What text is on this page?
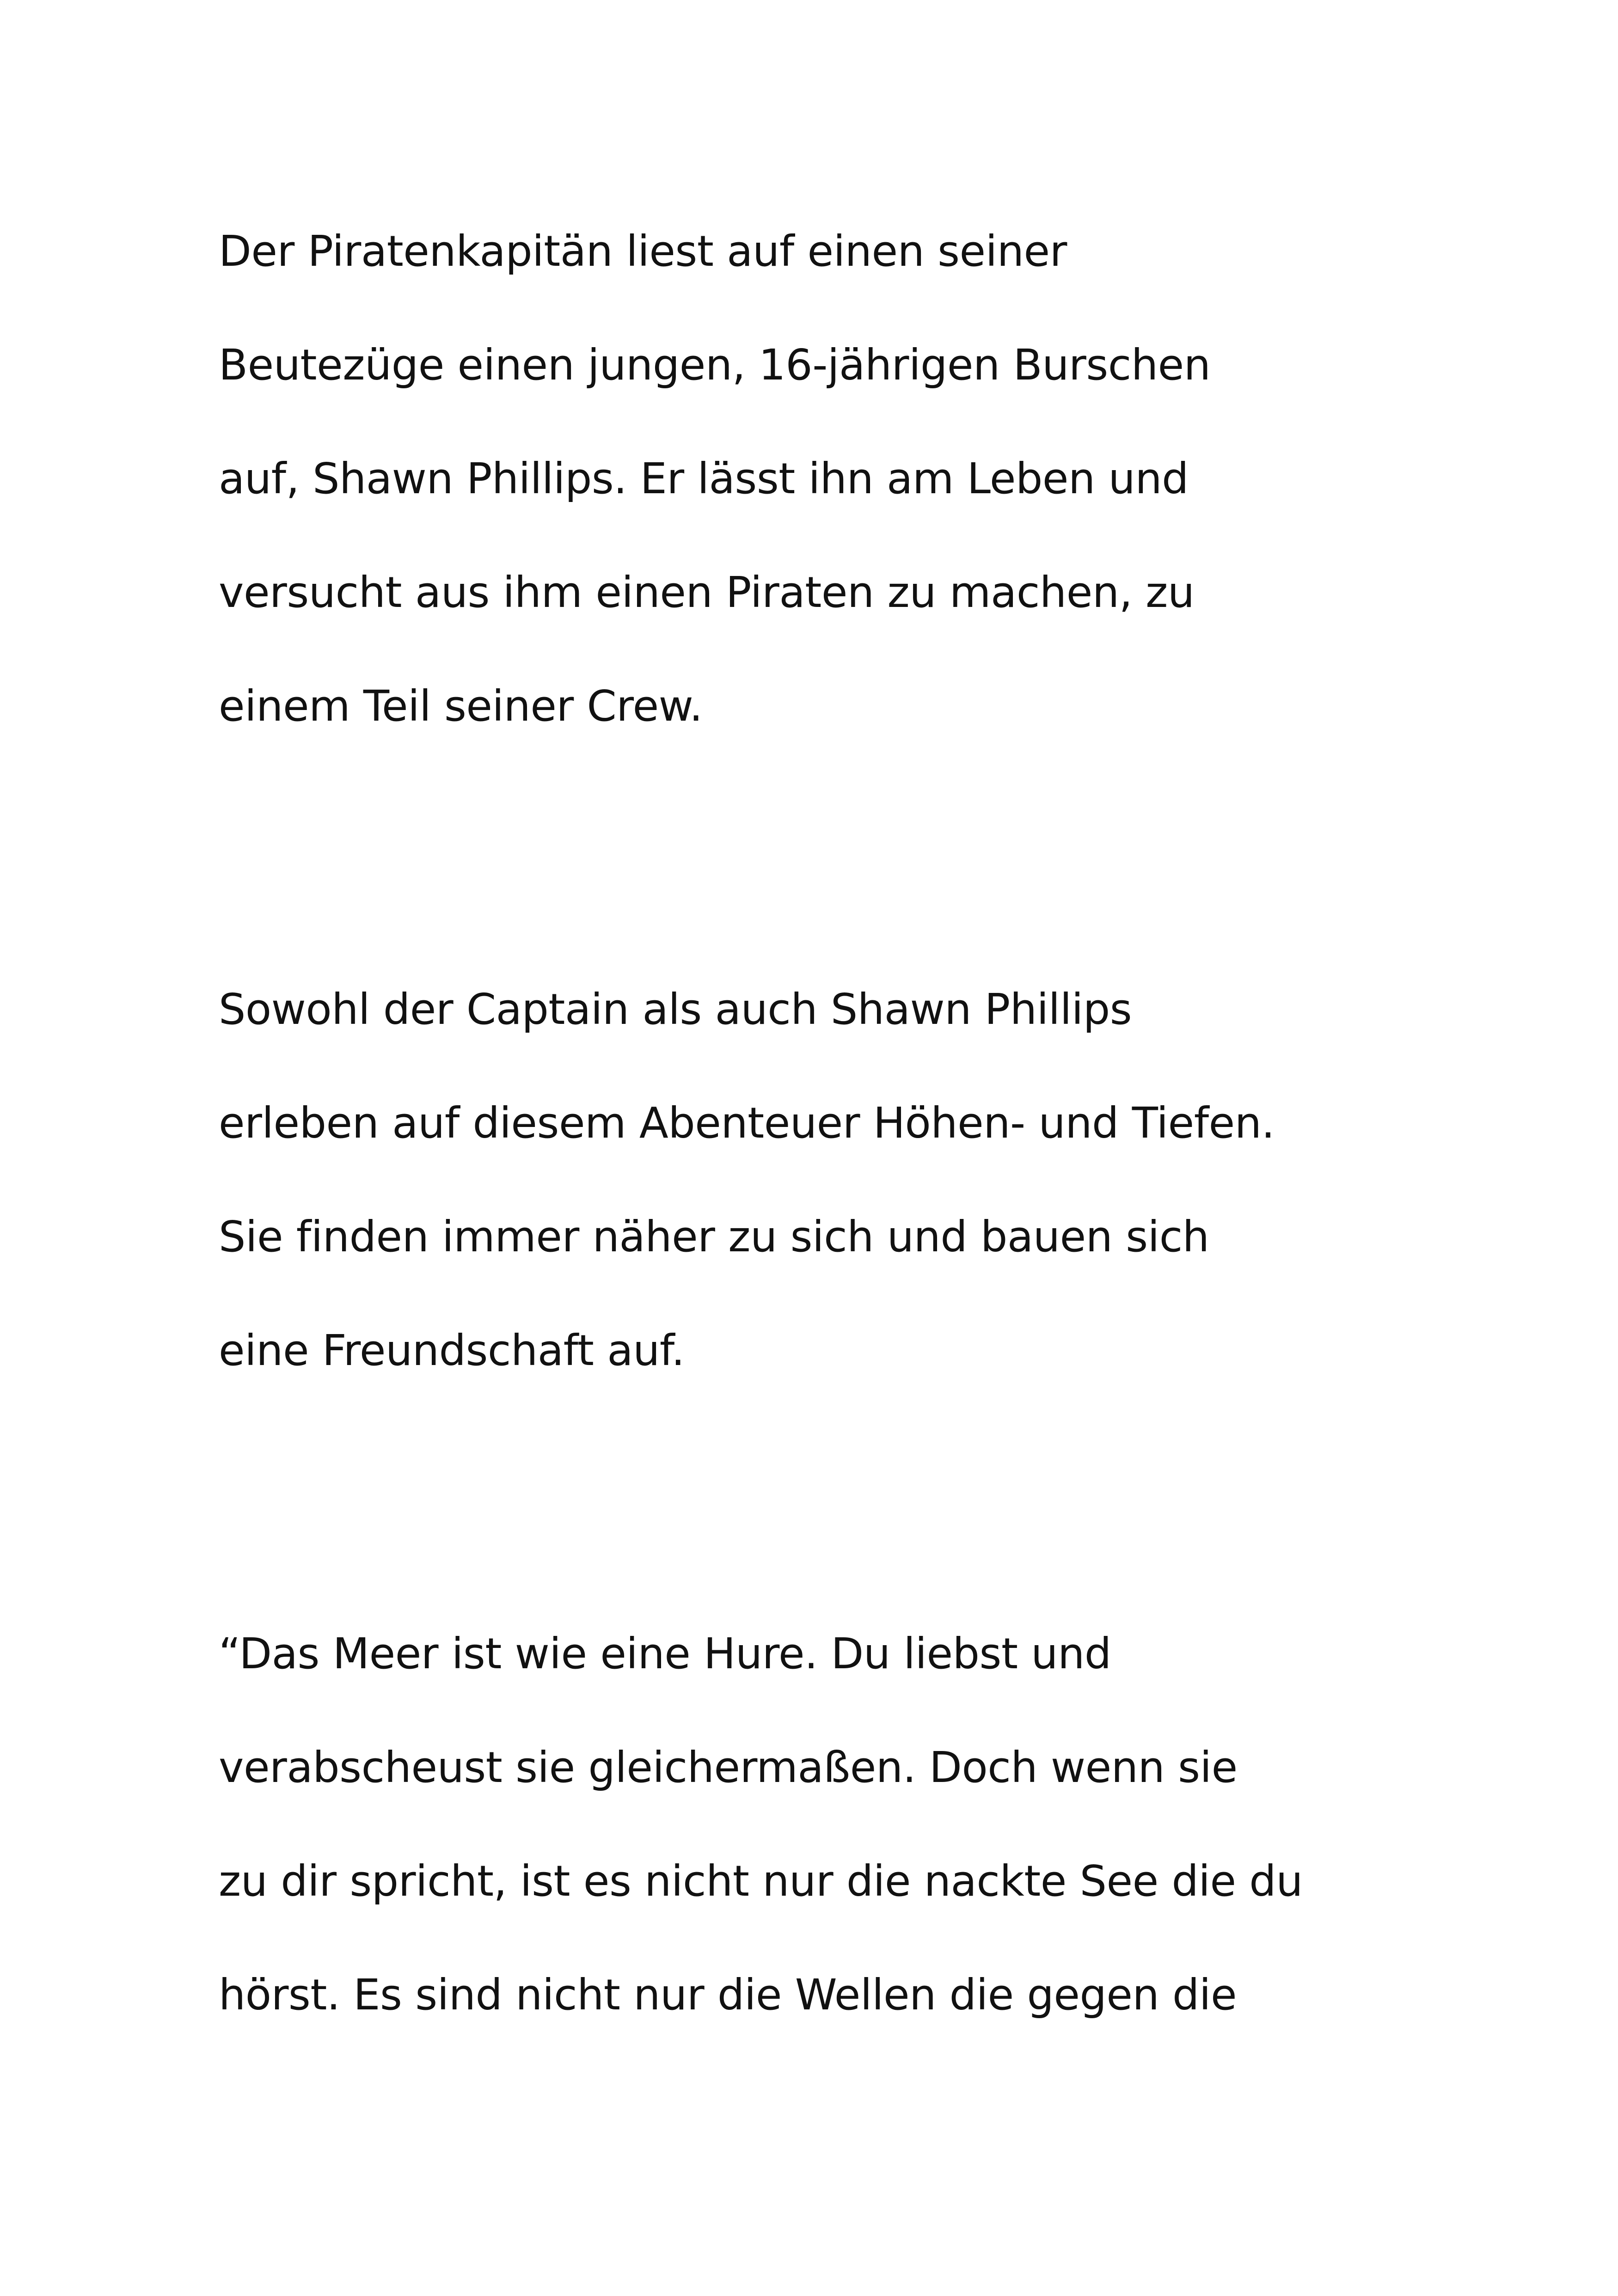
Der Piratenkapitän liest auf einen seiner
Beutezüge einen jungen, 16-jährigen Burschen
auf, Shawn Phillips. Er lässt ihn am Leben und
versucht aus ihm einen Piraten zu machen, zu
einem Teil seiner Crew.
Sowohl der Captain als auch Shawn Phillips
erleben auf diesem Abenteuer Höhen- und Tiefen.
Sie finden immer näher zu sich und bauen sich
eine Freundschaft auf.
“Das Meer ist wie eine Hure. Du liebst und
verabscheust sie gleichermaßen. Doch wenn sie
zu dir spricht, ist es nicht nur die nackte See die du
hörst. Es sind nicht nur die Wellen die gegen die
